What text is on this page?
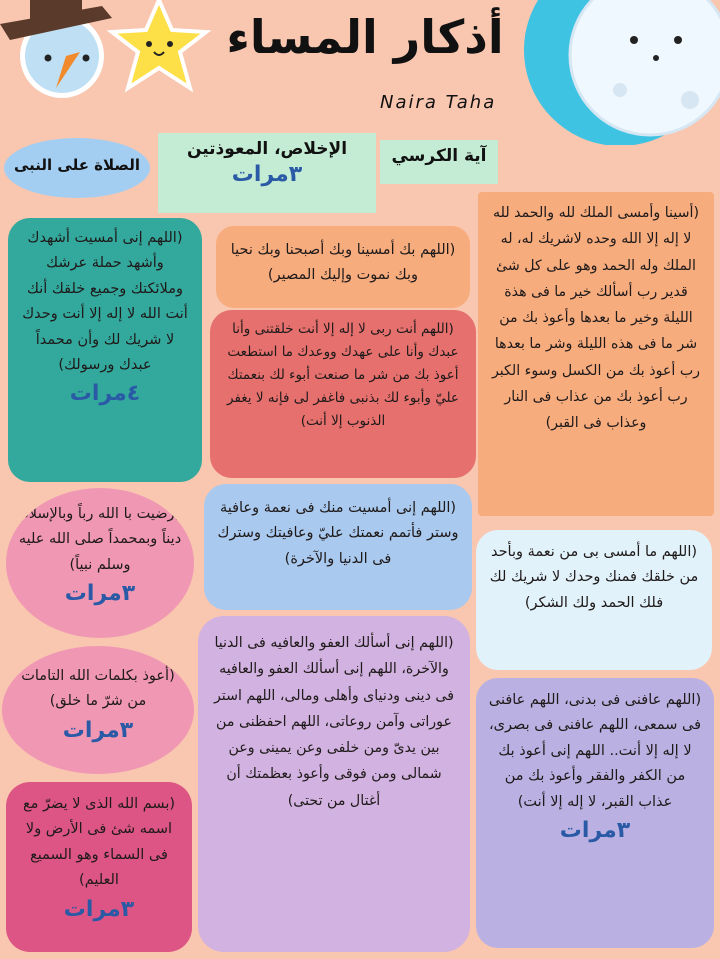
أذكار المساء
Naira Taha
آية الكرسي
الإخلاص، المعوذتين
٣مرات
الصلاة على النبى
(أسينا وأمسى الملك لله والحمد لله لا إله إلا الله وحده لاشريك له، له الملك وله الحمد وهو على كل شئ قدير رب أسألك خير ما فى هذة الليلة وخير ما بعدها وأعوذ بك من شر ما فى هذه الليلة وشر ما بعدها رب أعوذ بك من الكسل وسوء الكبر رب أعوذ بك من عذاب فى النار وعذاب فى القبر)
(اللهم بك أمسينا وبك أصبحنا وبك نحيا وبك نموت وإليك المصير)
(اللهم إنى أمسيت أشهدك وأشهد حملة عرشك وملائكتك وجميع خلقك أنك أنت الله لا إله إلا أنت وحدك لا شريك لك وأن محمداً عبدك ورسولك)
٤مرات
(اللهم أنت ربى لا إله إلا أنت خلقتنى وأنا عبدك وأنا على عهدك ووعدك ما استطعت أعوذ بك من شر ما صنعت أبوء لك بنعمتك عليّ وأبوء لك بذنبى فاغفر لى فإنه لا يغفر الذنوب إلا أنت)
(رضيت با الله رباً وبالإسلام ديناً وبمحمداً صلى الله عليه وسلم نبياً)
٣مرات
(اللهم إنى أمسيت منك فى نعمة وعافية وستر فأتمم نعمتك عليّ وعافيتك وسترك فى الدنيا والآخرة)	(اللهم ما أمسى بى من نعمة وبأحد من خلقك فمنك وحدك لا شريك لك فلك الحمد ولك الشكر)
(أعوذ بكلمات الله التامات من شرّ ما خلق)
٣مرات
(اللهم إنى أسألك العفو والعافيه فى الدنيا والآخرة، اللهم إنى أسألك العفو والعافيه فى دينى ودنياى وأهلى ومالى، اللهم استر عوراتى وآمن روعاتى، اللهم احفظنى من بين يدىّ ومن خلفى وعن يمينى وعن شمالى ومن فوقى وأعوذ بعظمتك أن أغتال من تحتى)
(اللهم عافنى فى بدنى، اللهم عافنى فى سمعى، اللهم عافنى فى بصرى، لا إله إلا أنت.. اللهم إنى أعوذ بك من الكفر والفقر وأعوذ بك من عذاب القبر، لا إله إلا أنت)
٣مرات
(بسم الله الذى لا يضرّ مع اسمه شئ فى الأرض ولا فى السماء وهو السميع العليم)
٣مرات
